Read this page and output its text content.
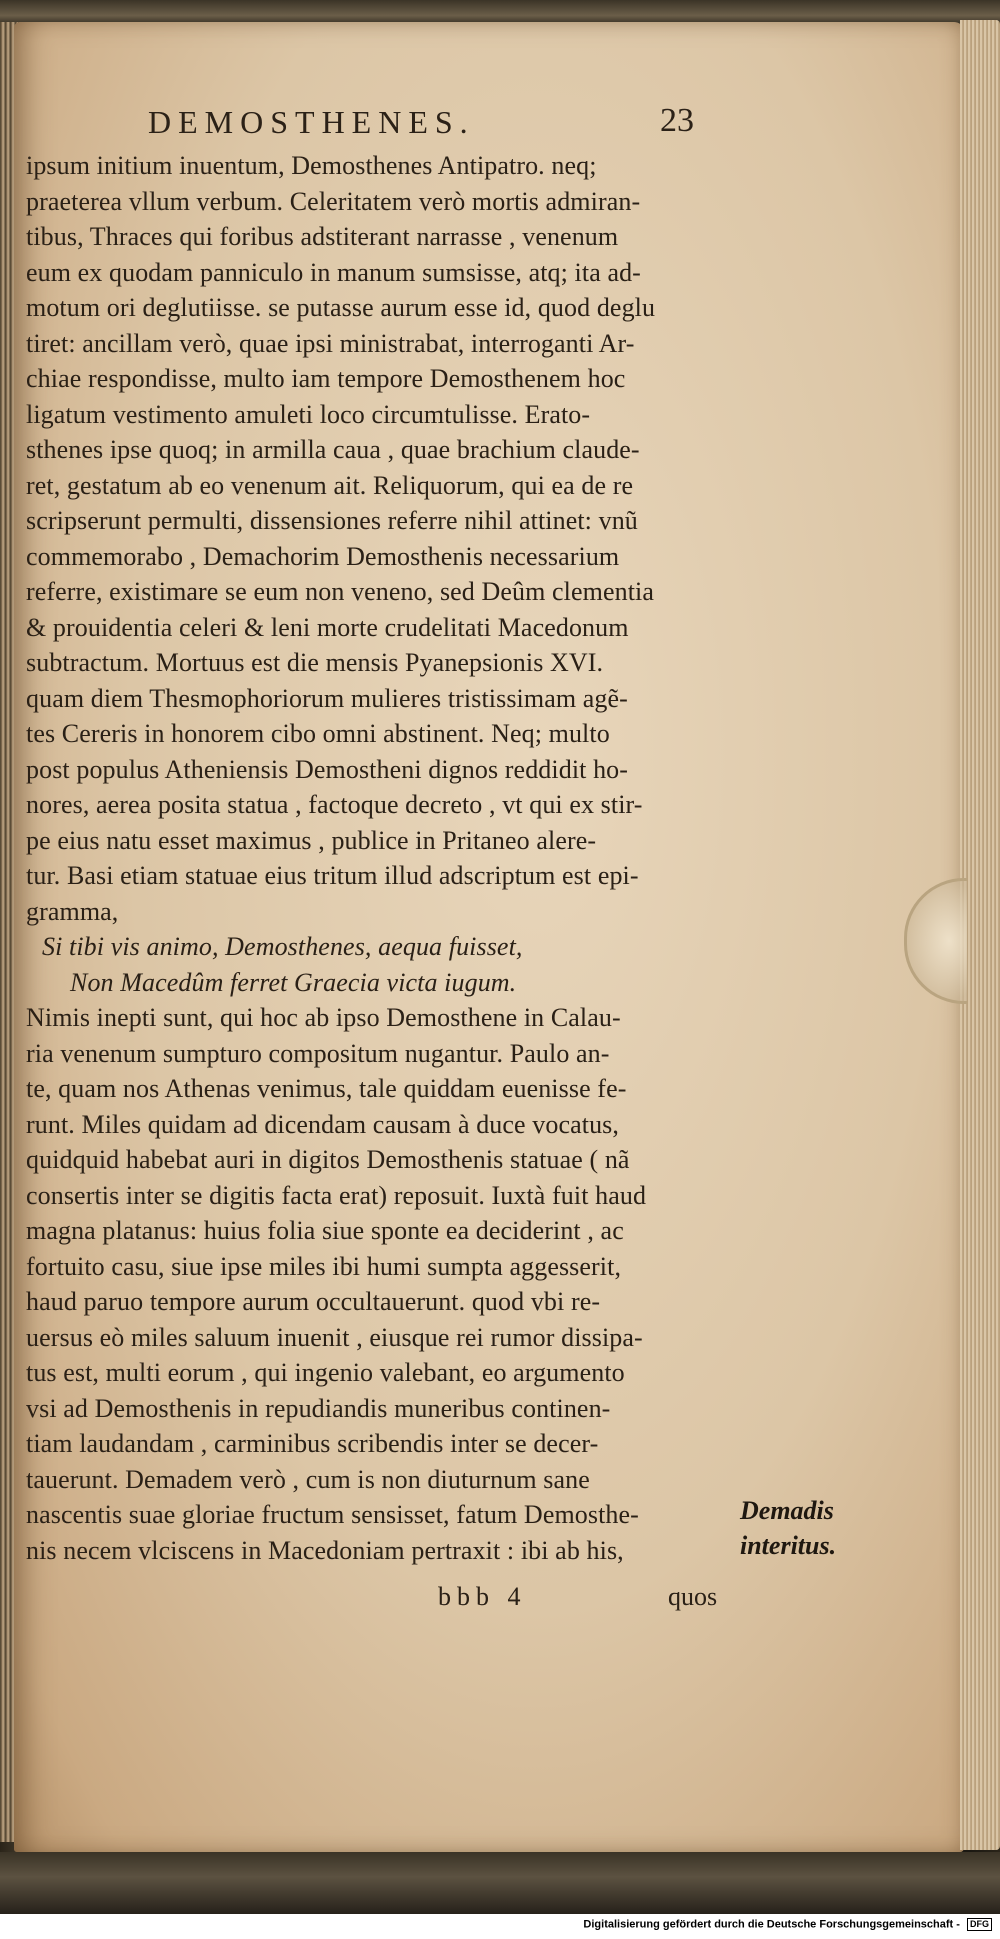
DEMOSTHENES.	23
ipsum initium inuentum, Demosthenes Antipatro. neq;
praeterea vllum verbum. Celeritatem verò mortis admiran-
tibus, Thraces qui foribus adstiterant narrasse , venenum
eum ex quodam panniculo in manum sumsisse, atq; ita ad-
motum ori deglutiisse. se putasse aurum esse id, quod deglu
tiret: ancillam verò, quae ipsi ministrabat, interroganti Ar-
chiae respondisse, multo iam tempore Demosthenem hoc
ligatum vestimento amuleti loco circumtulisse. Erato-
sthenes ipse quoq; in armilla caua , quae brachium claude-
ret, gestatum ab eo venenum ait. Reliquorum, qui ea de re
scripserunt permulti, dissensiones referre nihil attinet: vnũ
commemorabo , Demachorim Demosthenis necessarium
referre, existimare se eum non veneno, sed Deûm clementia
& prouidentia celeri & leni morte crudelitati Macedonum
subtractum. Mortuus est die mensis Pyanepsionis XVI.
quam diem Thesmophoriorum mulieres tristissimam agẽ-
tes Cereris in honorem cibo omni abstinent. Neq; multo
post populus Atheniensis Demostheni dignos reddidit ho-
nores, aerea posita statua , factoque decreto , vt qui ex stir-
pe eius natu esset maximus , publice in Pritaneo alere-
tur. Basi etiam statuae eius tritum illud adscriptum est epi-
gramma,
Si tibi vis animo, Demosthenes, aequa fuisset,
Non Macedûm ferret Graecia victa iugum.
Nimis inepti sunt, qui hoc ab ipso Demosthene in Calau-
ria venenum sumpturo compositum nugantur. Paulo an-
te, quam nos Athenas venimus, tale quiddam euenisse fe-
runt. Miles quidam ad dicendam causam à duce vocatus,
quidquid habebat auri in digitos Demosthenis statuae ( nã
consertis inter se digitis facta erat) reposuit. Iuxtà fuit haud
magna platanus: huius folia siue sponte ea deciderint , ac
fortuito casu, siue ipse miles ibi humi sumpta aggesserit,
haud paruo tempore aurum occultauerunt. quod vbi re-
uersus eò miles saluum inuenit , eiusque rei rumor dissipa-
tus est, multi eorum , qui ingenio valebant, eo argumento
vsi ad Demosthenis in repudiandis muneribus continen-
tiam laudandam , carminibus scribendis inter se decer-
tauerunt. Demadem verò , cum is non diuturnum sane
nascentis suae gloriae fructum sensisset, fatum Demosthe-
nis necem vlciscens in Macedoniam pertraxit : ibi ab his,
Demadis
interitus.
bbb 4	quos
Digitalisierung gefördert durch die Deutsche Forschungsgemeinschaft - DFG
